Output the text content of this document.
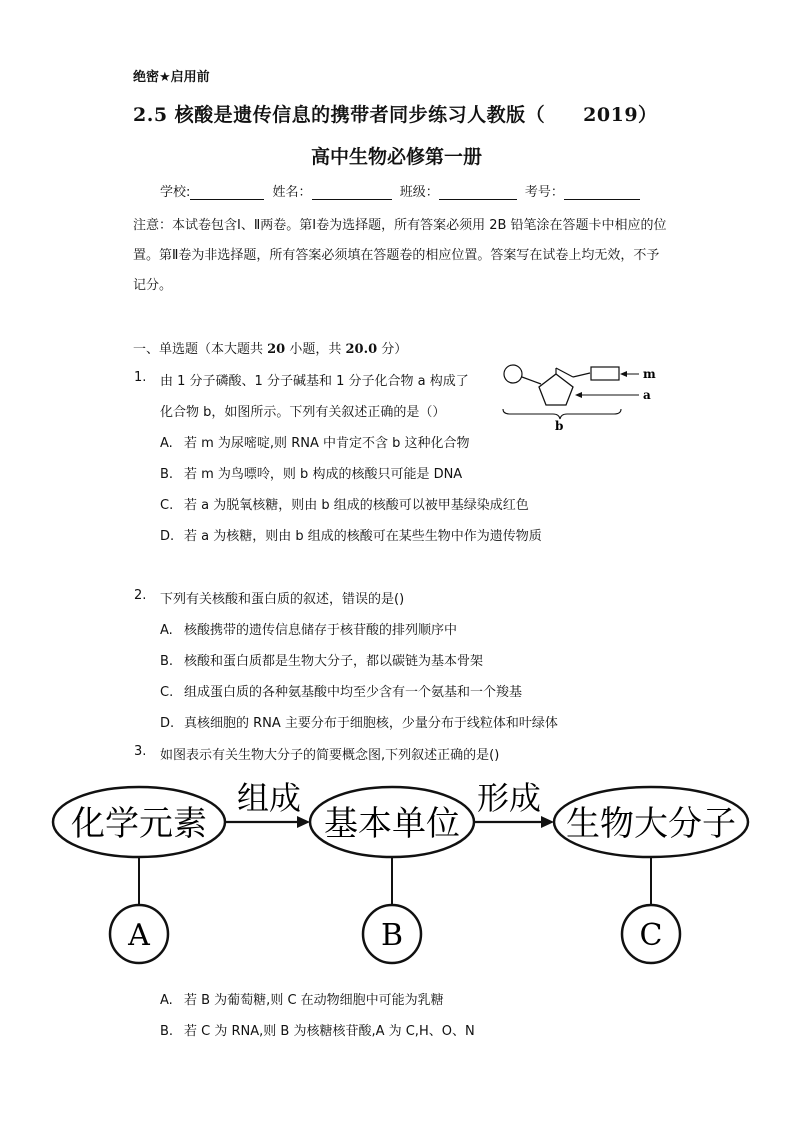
绝密★启用前
2.5 核酸是遗传信息的携带者同步练习人教版（ 2019）
高中生物必修第一册
学校:	姓名：	班级：	考号：
注意：本试卷包含Ⅰ、Ⅱ两卷。第Ⅰ卷为选择题，所有答案必须用 2B 铅笔涂在答题卡中相应的位置。第Ⅱ卷为非选择题，所有答案必须填在答题卷的相应位置。答案写在试卷上均无效，不予记分。
一、单选题（本大题共 20 小题，共 20.0 分）
1. 由 1 分子磷酸、1 分子碱基和 1 分子化合物 a 构成了
化合物 b，如图所示。下列有关叙述正确的是（）
m
a
b
A. 若 m 为尿嘧啶,则 RNA 中肯定不含 b 这种化合物
B. 若 m 为鸟嘌呤，则 b 构成的核酸只可能是 DNA
C. 若 a 为脱氧核糖，则由 b 组成的核酸可以被甲基绿染成红色
D. 若 a 为核糖，则由 b 组成的核酸可在某些生物中作为遗传物质
2. 下列有关核酸和蛋白质的叙述，错误的是()
A. 核酸携带的遗传信息储存于核苷酸的排列顺序中
B. 核酸和蛋白质都是生物大分子，都以碳链为基本骨架
C. 组成蛋白质的各种氨基酸中均至少含有一个氨基和一个羧基
D. 真核细胞的 RNA 主要分布于细胞核，少量分布于线粒体和叶绿体
3. 如图表示有关生物大分子的简要概念图,下列叙述正确的是()
化学元素	基本单位	生物大分子
组成	形成
A	B	C
A. 若 B 为葡萄糖,则 C 在动物细胞中可能为乳糖
B. 若 C 为 RNA,则 B 为核糖核苷酸,A 为 C,H、O、N
